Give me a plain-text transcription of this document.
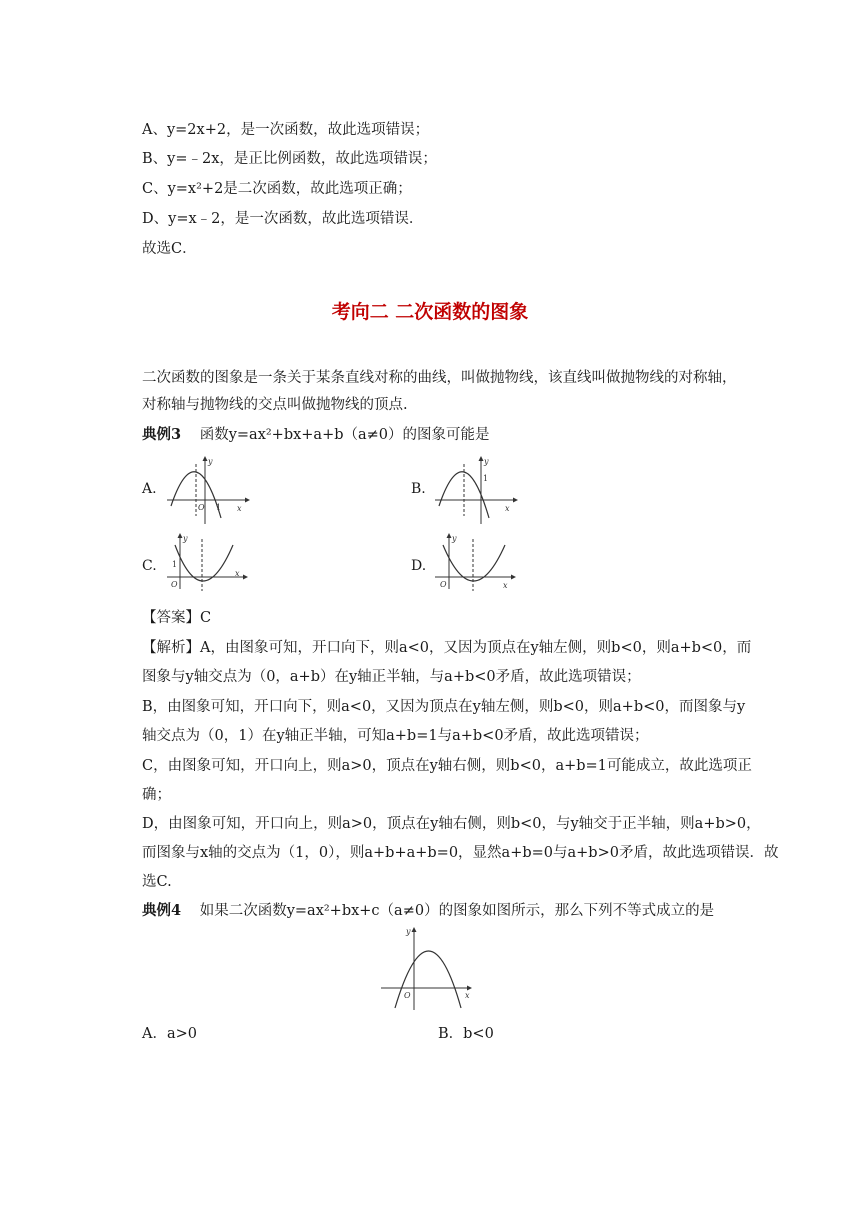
A、y=2x+2，是一次函数，故此选项错误；
B、y=﹣2x，是正比例函数，故此选项错误；
C、y=x²+2是二次函数，故此选项正确；
D、y=x﹣2，是一次函数，故此选项错误．
故选C．
考向二 二次函数的图象
二次函数的图象是一条关于某条直线对称的曲线，叫做抛物线，该直线叫做抛物线的对称轴，
对称轴与抛物线的交点叫做抛物线的顶点.
典例3 函数y=ax²+bx+a+b（a≠0）的图象可能是
A.
y
x
O 1
B.
y
x
1
C.
y
x
O
1	D.
y
x
O
【答案】C
【解析】A，由图象可知，开口向下，则a<0，又因为顶点在y轴左侧，则b<0，则a+b<0，而
图象与y轴交点为（0，a+b）在y轴正半轴，与a+b<0矛盾，故此选项错误；
B，由图象可知，开口向下，则a<0，又因为顶点在y轴左侧，则b<0，则a+b<0，而图象与y
轴交点为（0，1）在y轴正半轴，可知a+b=1与a+b<0矛盾，故此选项错误；
C，由图象可知，开口向上，则a>0，顶点在y轴右侧，则b<0，a+b=1可能成立，故此选项正
确；
D，由图象可知，开口向上，则a>0，顶点在y轴右侧，则b<0，与y轴交于正半轴，则a+b>0，
而图象与x轴的交点为（1，0），则a+b+a+b=0，显然a+b=0与a+b>0矛盾，故此选项错误．故
选C.
典例4 如果二次函数y=ax²+bx+c（a≠0）的图象如图所示，那么下列不等式成立的是
y
x
O
A．a>0	B．b<0
